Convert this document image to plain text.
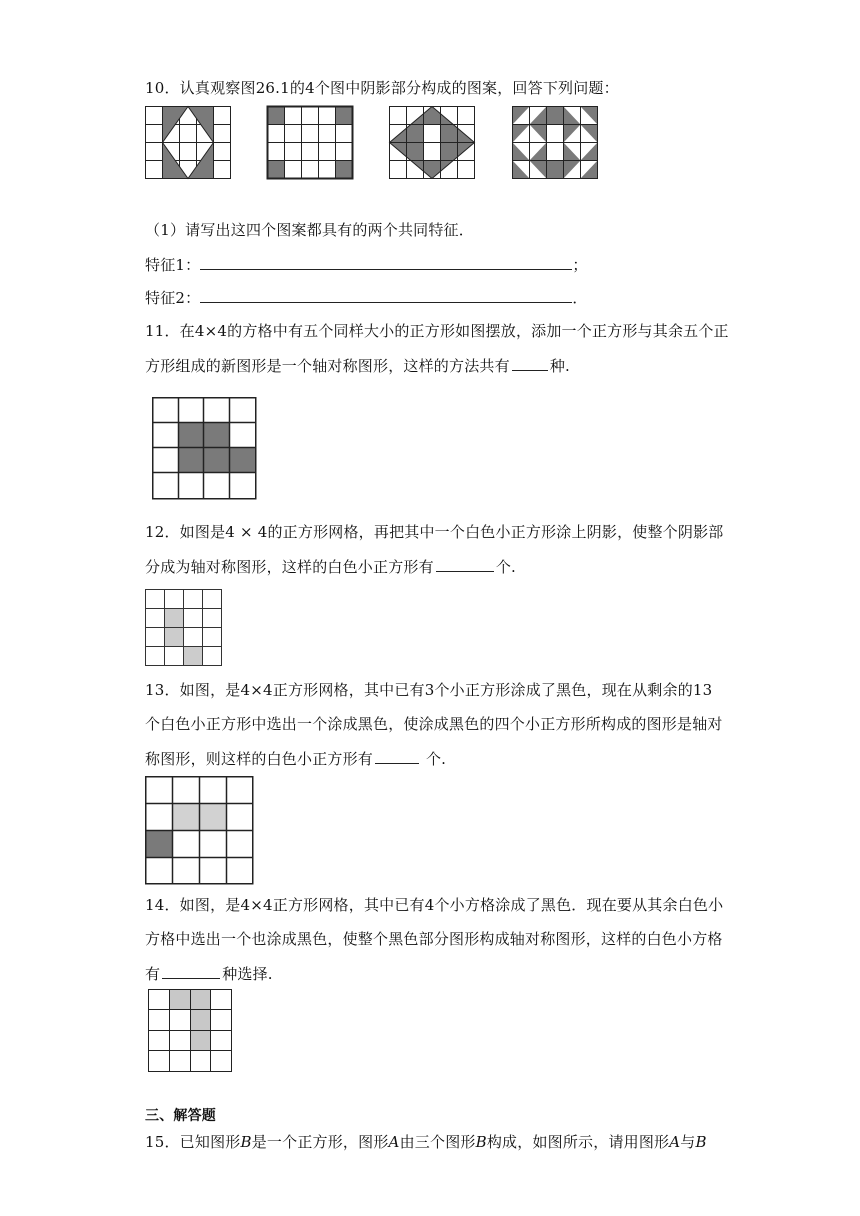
10．认真观察图26.1的4个图中阴影部分构成的图案，回答下列问题：
（1）请写出这四个图案都具有的两个共同特征．
特征1：	；
特征2：	．
11．在4×4的方格中有五个同样大小的正方形如图摆放，添加一个正方形与其余五个正
方形组成的新图形是一个轴对称图形，这样的方法共有	种.
12．如图是4 × 4的正方形网格，再把其中一个白色小正方形涂上阴影，使整个阴影部
分成为轴对称图形，这样的白色小正方形有	个.
13．如图，是4×4正方形网格，其中已有3个小正方形涂成了黑色，现在从剩余的13
个白色小正方形中选出一个涂成黑色，使涂成黑色的四个小正方形所构成的图形是轴对
称图形，则这样的白色小正方形有	个.
14．如图，是4×4正方形网格，其中已有4个小方格涂成了黑色．现在要从其余白色小
方格中选出一个也涂成黑色，使整个黑色部分图形构成轴对称图形，这样的白色小方格
有	种选择.
三、解答题
15．已知图形B是一个正方形，图形A由三个图形B构成，如图所示，请用图形A与B
